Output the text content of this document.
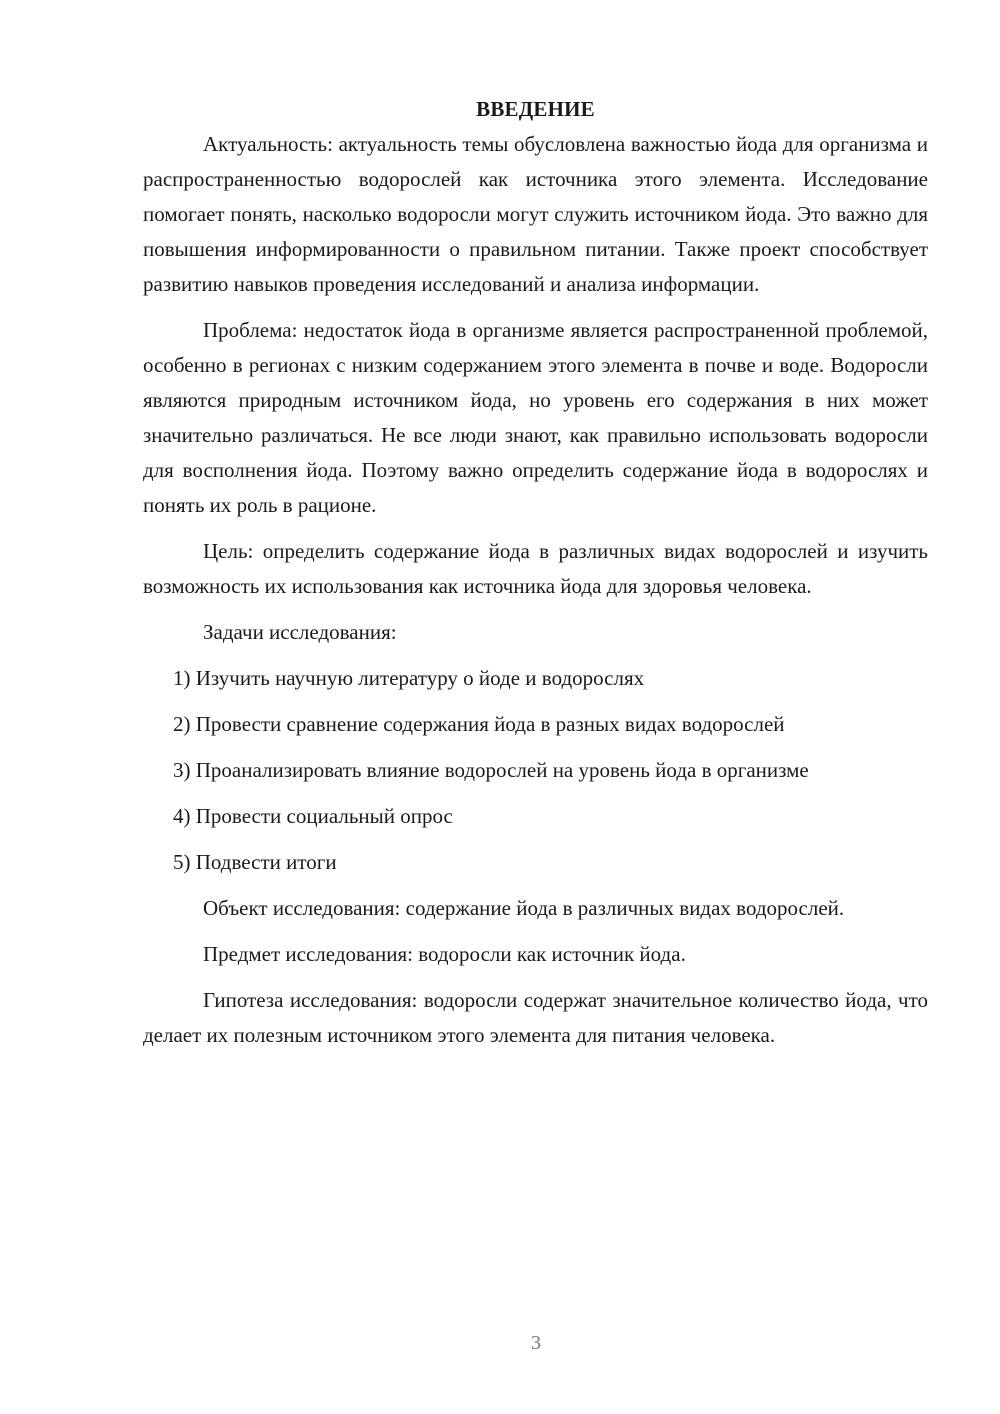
ВВЕДЕНИЕ

Актуальность: актуальность темы обусловлена важностью йода для организма и распространенностью водорослей как источника этого элемента. Исследование помогает понять, насколько водоросли могут служить источником йода. Это важно для повышения информированности о правильном питании. Также проект способствует развитию навыков проведения исследований и анализа информации.

Проблема: недостаток йода в организме является распространенной проблемой, особенно в регионах с низким содержанием этого элемента в почве и воде. Водоросли являются природным источником йода, но уровень его содержания в них может значительно различаться. Не все люди знают, как правильно использовать водоросли для восполнения йода. Поэтому важно определить содержание йода в водорослях и понять их роль в рационе.

Цель: определить содержание йода в различных видах водорослей и изучить возможность их использования как источника йода для здоровья человека.

Задачи исследования:

1) Изучить научную литературу о йоде и водорослях

2) Провести сравнение содержания йода в разных видах водорослей

3) Проанализировать влияние водорослей на уровень йода в организме

4) Провести социальный опрос

5) Подвести итоги

Объект исследования: содержание йода в различных видах водорослей.

Предмет исследования: водоросли как источник йода.

Гипотеза исследования: водоросли содержат значительное количество йода, что делает их полезным источником этого элемента для питания человека.

3
